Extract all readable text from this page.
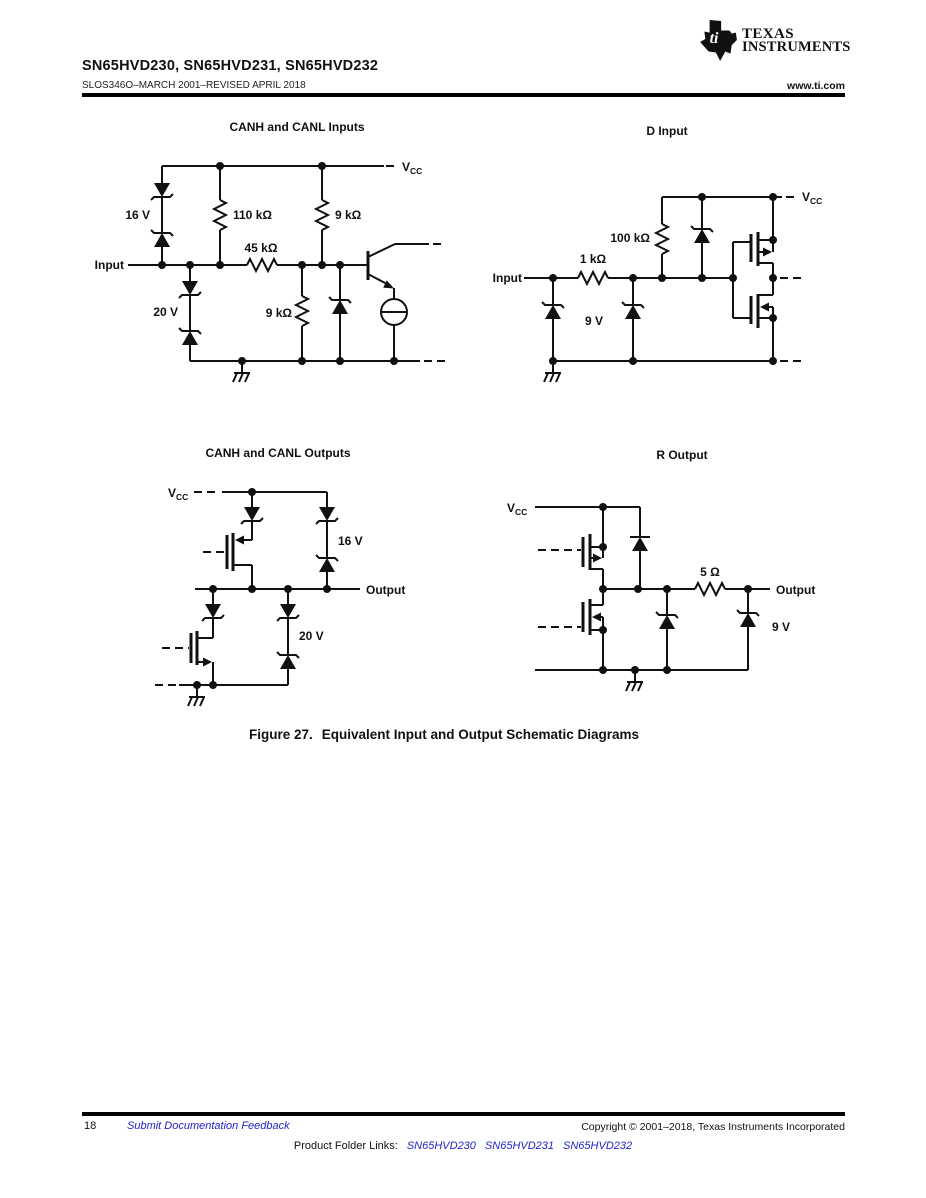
SN65HVD230, SN65HVD231, SN65HVD232
SLOS346O–MARCH 2001–REVISED APRIL 2018	www.ti.com
ti TEXAS
INSTRUMENTS
CANH and CANL Inputs	D Input
CANH and CANL Outputs	R Output
$V_{CC}$
Input
16 V
20 V
110 kΩ	9 kΩ
45 kΩ
9 kΩ
$V_{CC}$
Input
1 kΩ
100 kΩ
9 V
$V_{CC}$
Output
16 V
20 V
$V_{CC}$
Output
5 Ω
9 V
Figure 27. Equivalent Input and Output Schematic Diagrams
18	Submit Documentation Feedback	Copyright © 2001–2018, Texas Instruments Incorporated
Product Folder Links: SN65HVD230 SN65HVD231 SN65HVD232
